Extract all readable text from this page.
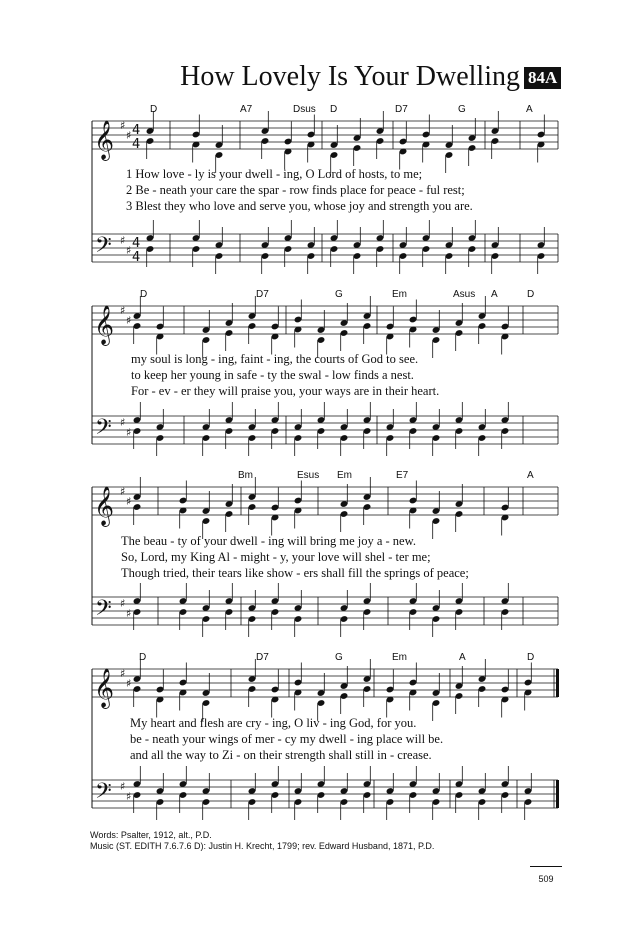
How Lovely Is Your Dwelling 84A
𝄞
𝄢
♯
♯
♯
♯
4
4
4
4
𝄞
𝄢
♯
♯
♯
♯
𝄞
𝄢
♯
♯
♯
♯
𝄞
𝄢
♯
♯
♯
♯
D	A7	Dsus D	D7	G	A
1 How love - ly is your dwell - ing, O Lord of hosts, to me;
2 Be - neath your care the spar - row finds place for peace - ful rest;
3 Blest they who love and serve you, whose joy and strength you are.
D	D7	G	Em	Asus A	D
my soul is long - ing, faint - ing, the courts of God to see.
to keep her young in safe - ty the swal - low finds a nest.
For - ev - er they will praise you, your ways are in their heart.
Bm	Esus Em	E7	A
The beau - ty of your dwell - ing will bring me joy a - new.
So, Lord, my King Al - might - y, your love will shel - ter me;
Though tried, their tears like show - ers shall fill the springs of peace;
D	D7	G	Em	A	D
My heart and flesh are cry - ing, O liv - ing God, for you.
be - neath your wings of mer - cy my dwell - ing place will be.
and all the way to Zi - on their strength shall still in - crease.
Words: Psalter, 1912, alt., P.D.
Music (ST. EDITH 7.6.7.6 D): Justin H. Krecht, 1799; rev. Edward Husband, 1871, P.D.
509
